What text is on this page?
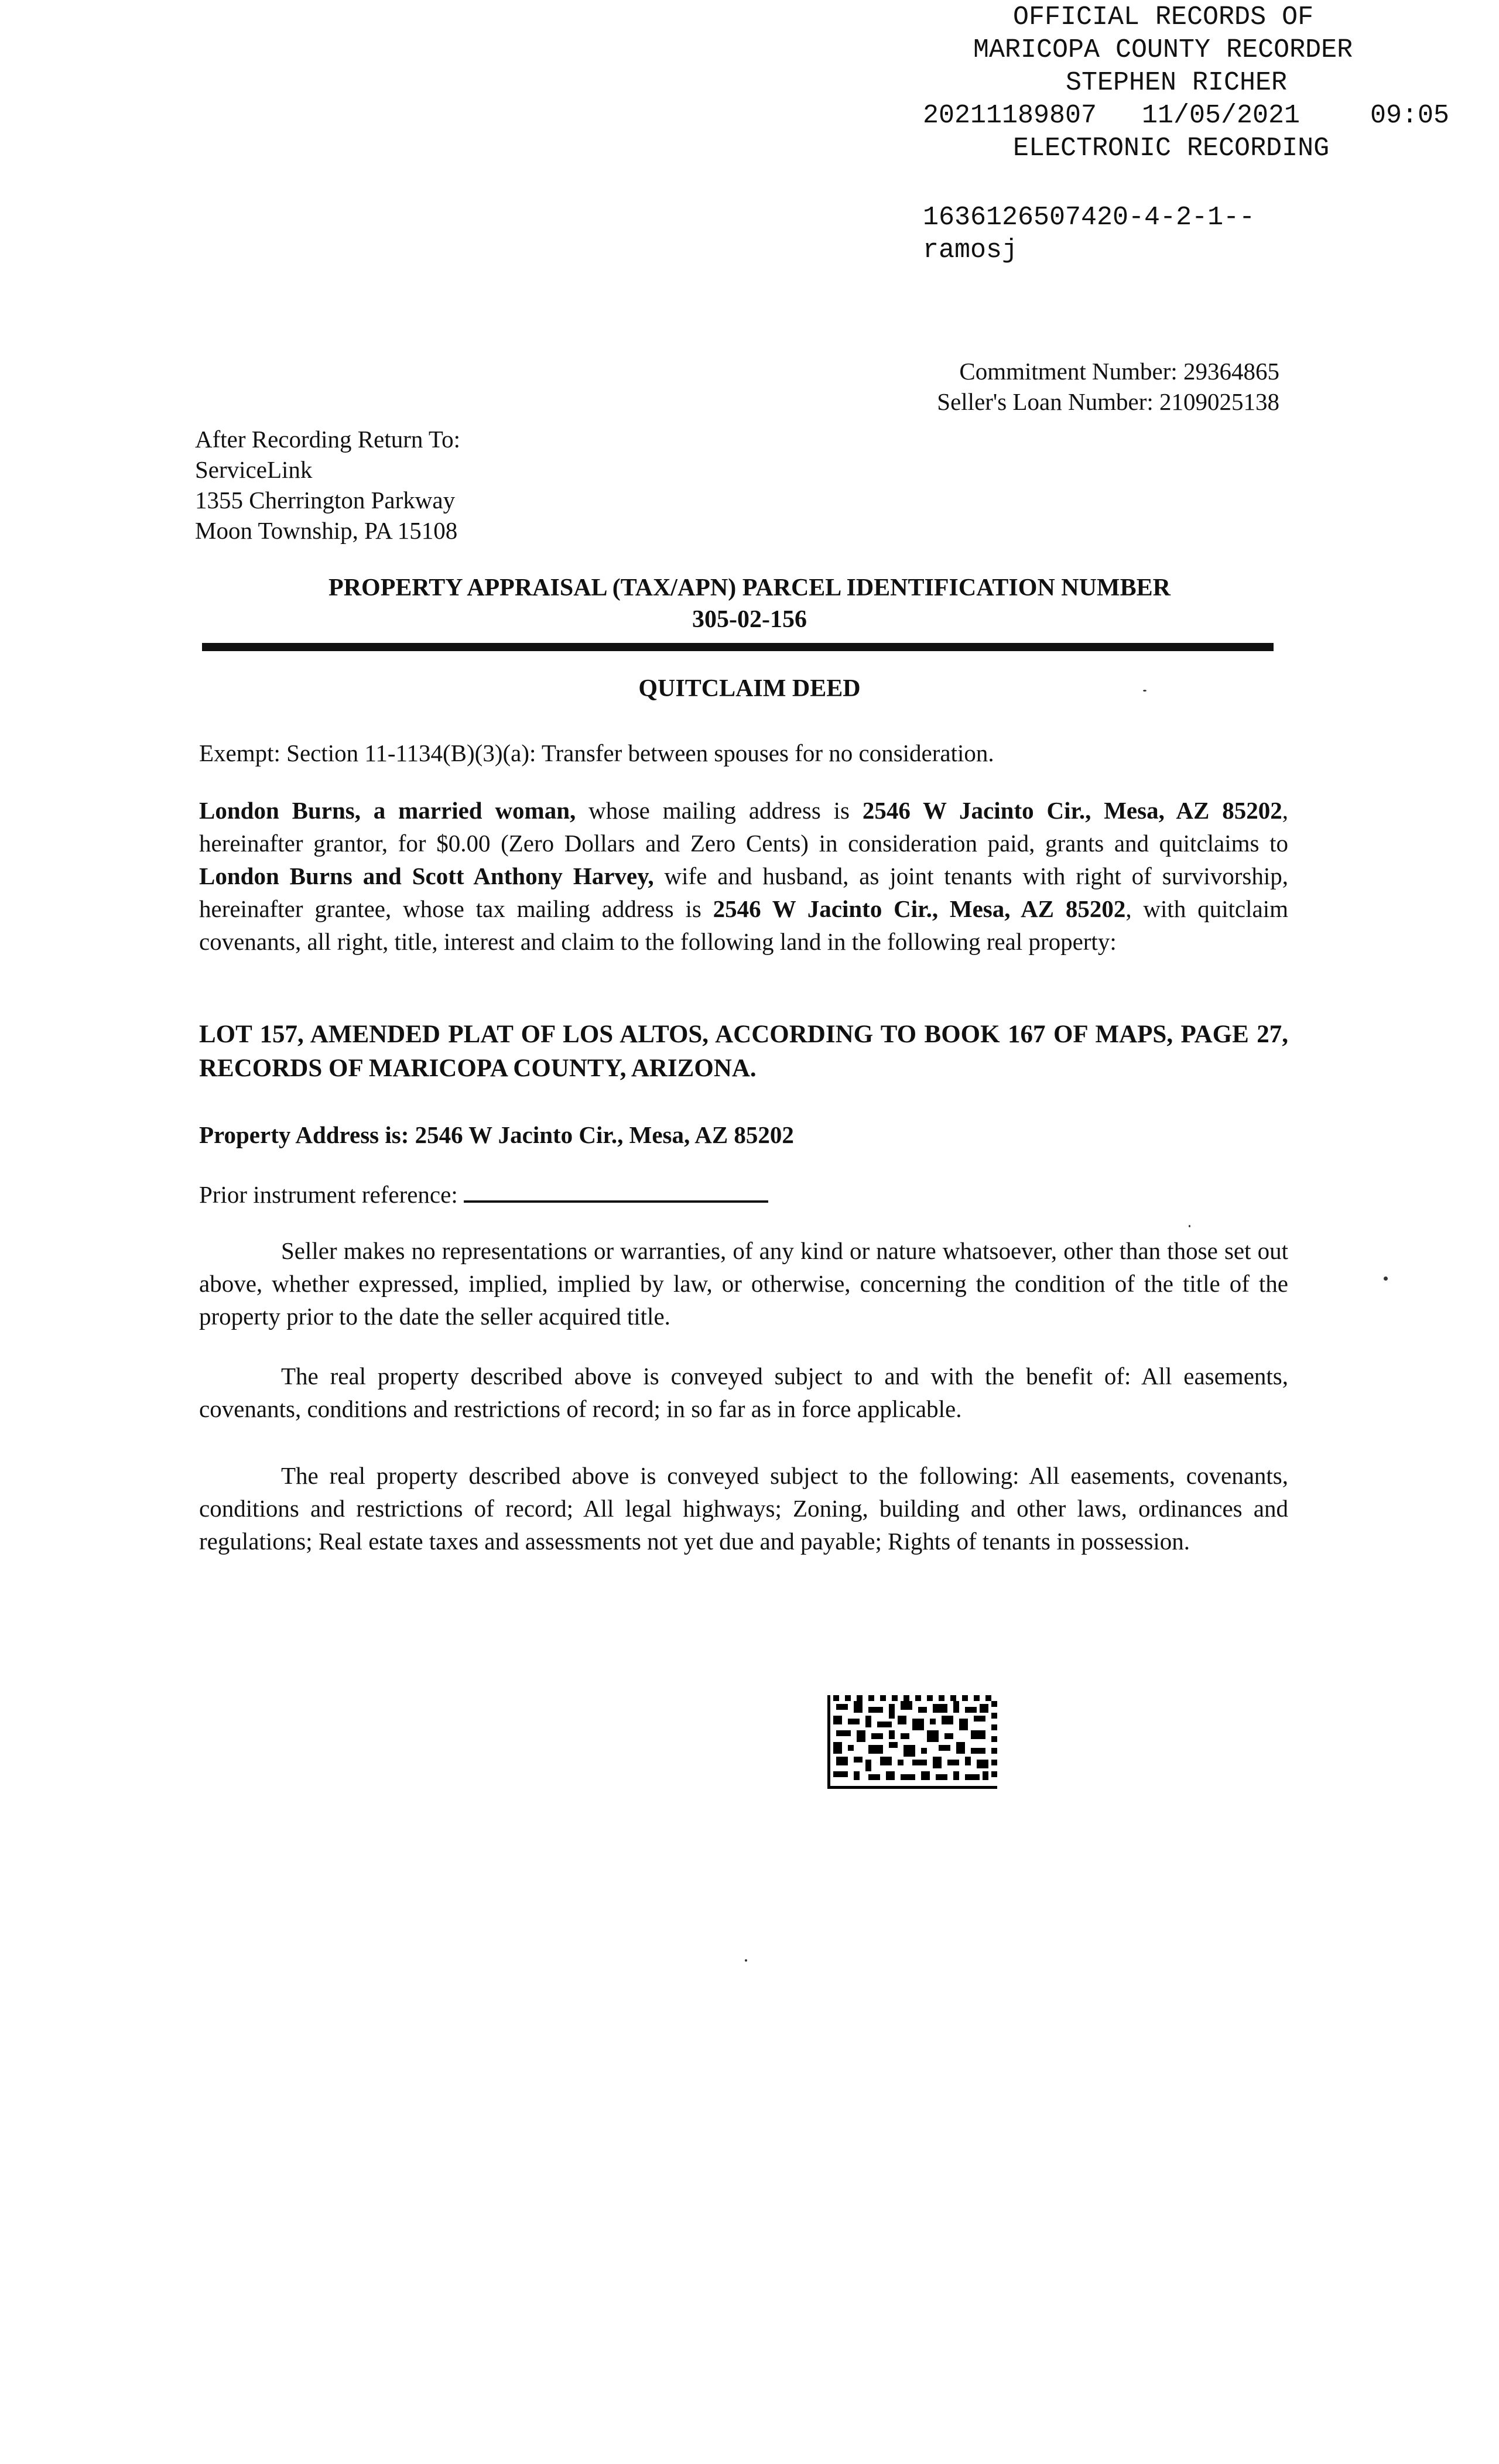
OFFICIAL RECORDS OF
MARICOPA COUNTY RECORDER
STEPHEN RICHER
20211189807 11/05/2021	09:05
ELECTRONIC RECORDING
1636126507420-4-2-1--
ramosj
Commitment Number: 29364865
Seller's Loan Number: 2109025138
After Recording Return To:
ServiceLink
1355 Cherrington Parkway
Moon Township, PA 15108
PROPERTY APPRAISAL (TAX/APN) PARCEL IDENTIFICATION NUMBER
305-02-156
QUITCLAIM DEED
Exempt: Section 11-1134(B)(3)(a): Transfer between spouses for no consideration.
London Burns, a married woman, whose mailing address is 2546 W Jacinto Cir., Mesa, AZ 85202, hereinafter grantor, for $0.00 (Zero Dollars and Zero Cents) in consideration paid, grants and quitclaims to London Burns and Scott Anthony Harvey, wife and husband, as joint tenants with right of survivorship, hereinafter grantee, whose tax mailing address is 2546 W Jacinto Cir., Mesa, AZ 85202, with quitclaim covenants, all right, title, interest and claim to the following land in the following real property:
LOT 157, AMENDED PLAT OF LOS ALTOS, ACCORDING TO BOOK 167 OF MAPS, PAGE 27, RECORDS OF MARICOPA COUNTY, ARIZONA.
Property Address is: 2546 W Jacinto Cir., Mesa, AZ 85202
Prior instrument reference:
Seller makes no representations or warranties, of any kind or nature whatsoever, other than those set out above, whether expressed, implied, implied by law, or otherwise, concerning the condition of the title of the property prior to the date the seller acquired title.
The real property described above is conveyed subject to and with the benefit of: All easements, covenants, conditions and restrictions of record; in so far as in force applicable.
The real property described above is conveyed subject to the following: All easements, covenants, conditions and restrictions of record; All legal highways; Zoning, building and other laws, ordinances and regulations; Real estate taxes and assessments not yet due and payable; Rights of tenants in possession.
